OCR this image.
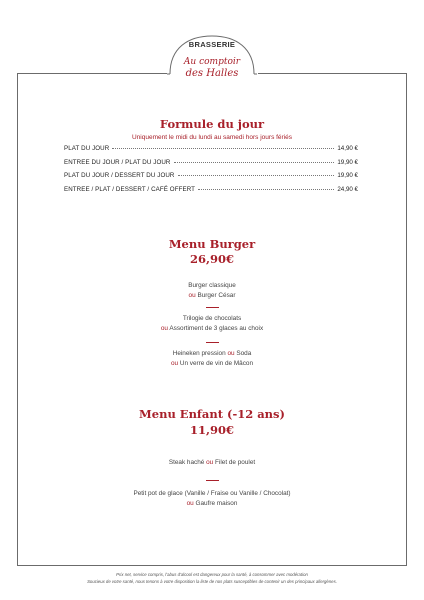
BRASSERIE
Au comptoir
des Halles
Formule du jour
Uniquement le midi du lundi au samedi hors jours fériés
PLAT DU JOUR	14,90 €
ENTREE DU JOUR / PLAT DU JOUR	19,90 €
PLAT DU JOUR / DESSERT DU JOUR	19,90 €
ENTREE / PLAT / DESSERT / CAFÉ OFFERT	24,90 €
Menu Burger
26,90€
Burger classique
ou Burger César
Trilogie de chocolats
ou Assortiment de 3 glaces au choix
Heineken pression ou Soda
ou Un verre de vin de Mâcon
Menu Enfant (-12 ans)
11,90€
Steak haché ou Filet de poulet
Petit pot de glace (Vanille / Fraise ou Vanille / Chocolat)
ou Gaufre maison
Prix net, service compris, l'abus d'alcool est dangereux pour la santé, à consommer avec modération
Soucieux de votre santé, nous tenons à votre disposition la liste de nos plats susceptibles de contenir un des principaux allergènes.
